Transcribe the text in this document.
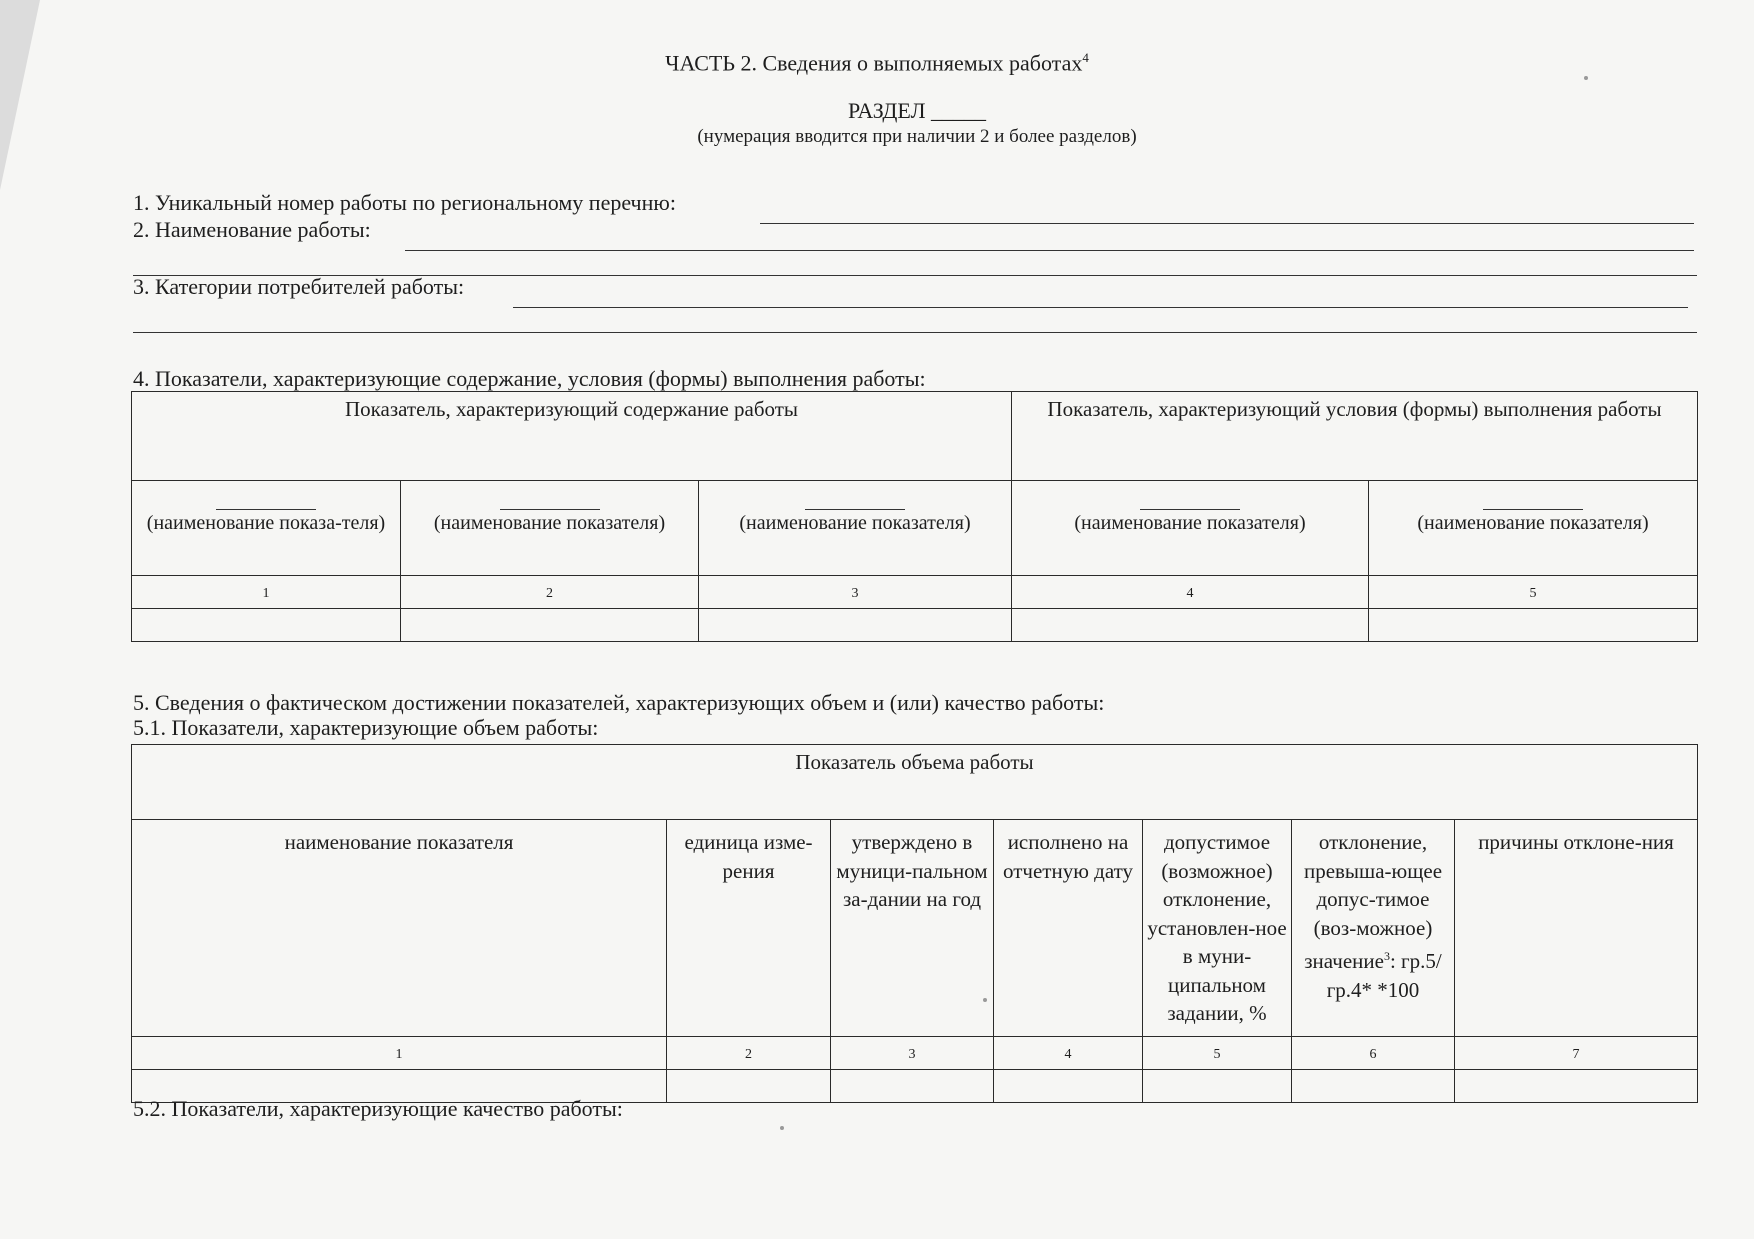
ЧАСТЬ 2. Сведения о выполняемых работах$^4$
РАЗДЕЛ _____
(нумерация вводится при наличии 2 и более разделов)
1. Уникальный номер работы по региональному перечню:
2. Наименование работы:
3. Категории потребителей работы:
4. Показатели, характеризующие содержание, условия (формы) выполнения работы:
Показатель, характеризующий содержание работы			Показатель, характеризующий условия (формы) выполнения работы	

(наименование показа-теля)	(наименование показателя)	(наименование показателя)	(наименование показателя)	(наименование показателя)
1	2	3	4	5

5. Сведения о фактическом достижении показателей, характеризующих объем и (или) качество работы:
5.1. Показатели, характеризующие объем работы:
Показатель объема работы						
наименование показателя	единица изме-рения	утверждено в муници-пальном за-дании на год	исполнено на отчетную дату	допустимое (возможное) отклонение, установлен-ное в муни-ципальном задании, %	отклонение, превыша-ющее допус-тимое (воз-можное) значение$^3$: гр.5/гр.4* *100	причины отклоне-ния
1	2	3	4	5	6	7

5.2. Показатели, характеризующие качество работы:
